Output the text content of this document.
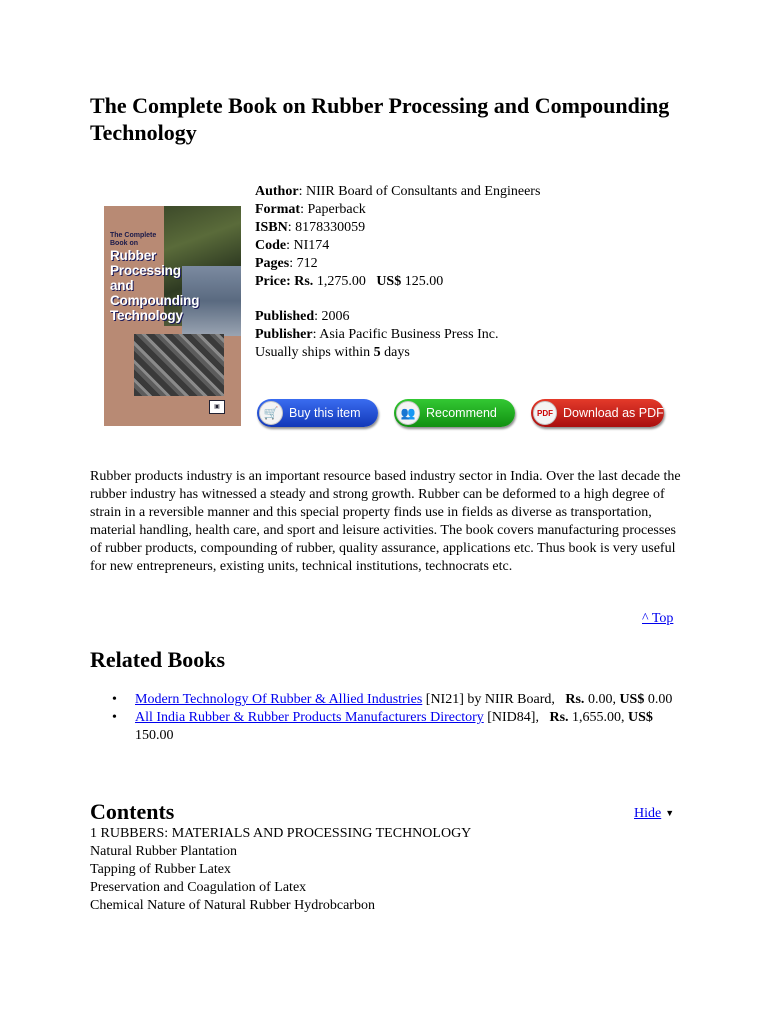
The Complete Book on Rubber Processing and Compounding Technology
The Complete
Book on
Rubber
Processing
and
Compounding
Technology
▣
Author: NIIR Board of Consultants and Engineers
Format: Paperback
ISBN: 8178330059
Code: NI174
Pages: 712
Price: Rs. 1,275.00 US$ 125.00
Published: 2006
Publisher: Asia Pacific Business Press Inc.
Usually ships within 5 days
🛒 Buy this item	👥 Recommend	PDF Download as PDF

Rubber products industry is an important resource based industry sector in India. Over the last decade the rubber industry has witnessed a steady and strong growth. Rubber can be deformed to a high degree of strain in a reversible manner and this special property finds use in fields as diverse as transportation, material handling, health care, and sport and leisure activities. The book covers manufacturing processes of rubber products, compounding of rubber, quality assurance, applications etc. Thus book is very useful for new entrepreneurs, existing units, technical institutions, technocrats etc.

^ Top
Related Books
• Modern Technology Of Rubber & Allied Industries [NI21] by NIIR Board, Rs. 0.00, US$ 0.00
• All India Rubber & Rubber Products Manufacturers Directory [NID84], Rs. 1,655.00, US$ 150.00
Contents	Hide ▼
1 RUBBERS: MATERIALS AND PROCESSING TECHNOLOGY
Natural Rubber Plantation
Tapping of Rubber Latex
Preservation and Coagulation of Latex
Chemical Nature of Natural Rubber Hydrobcarbon
